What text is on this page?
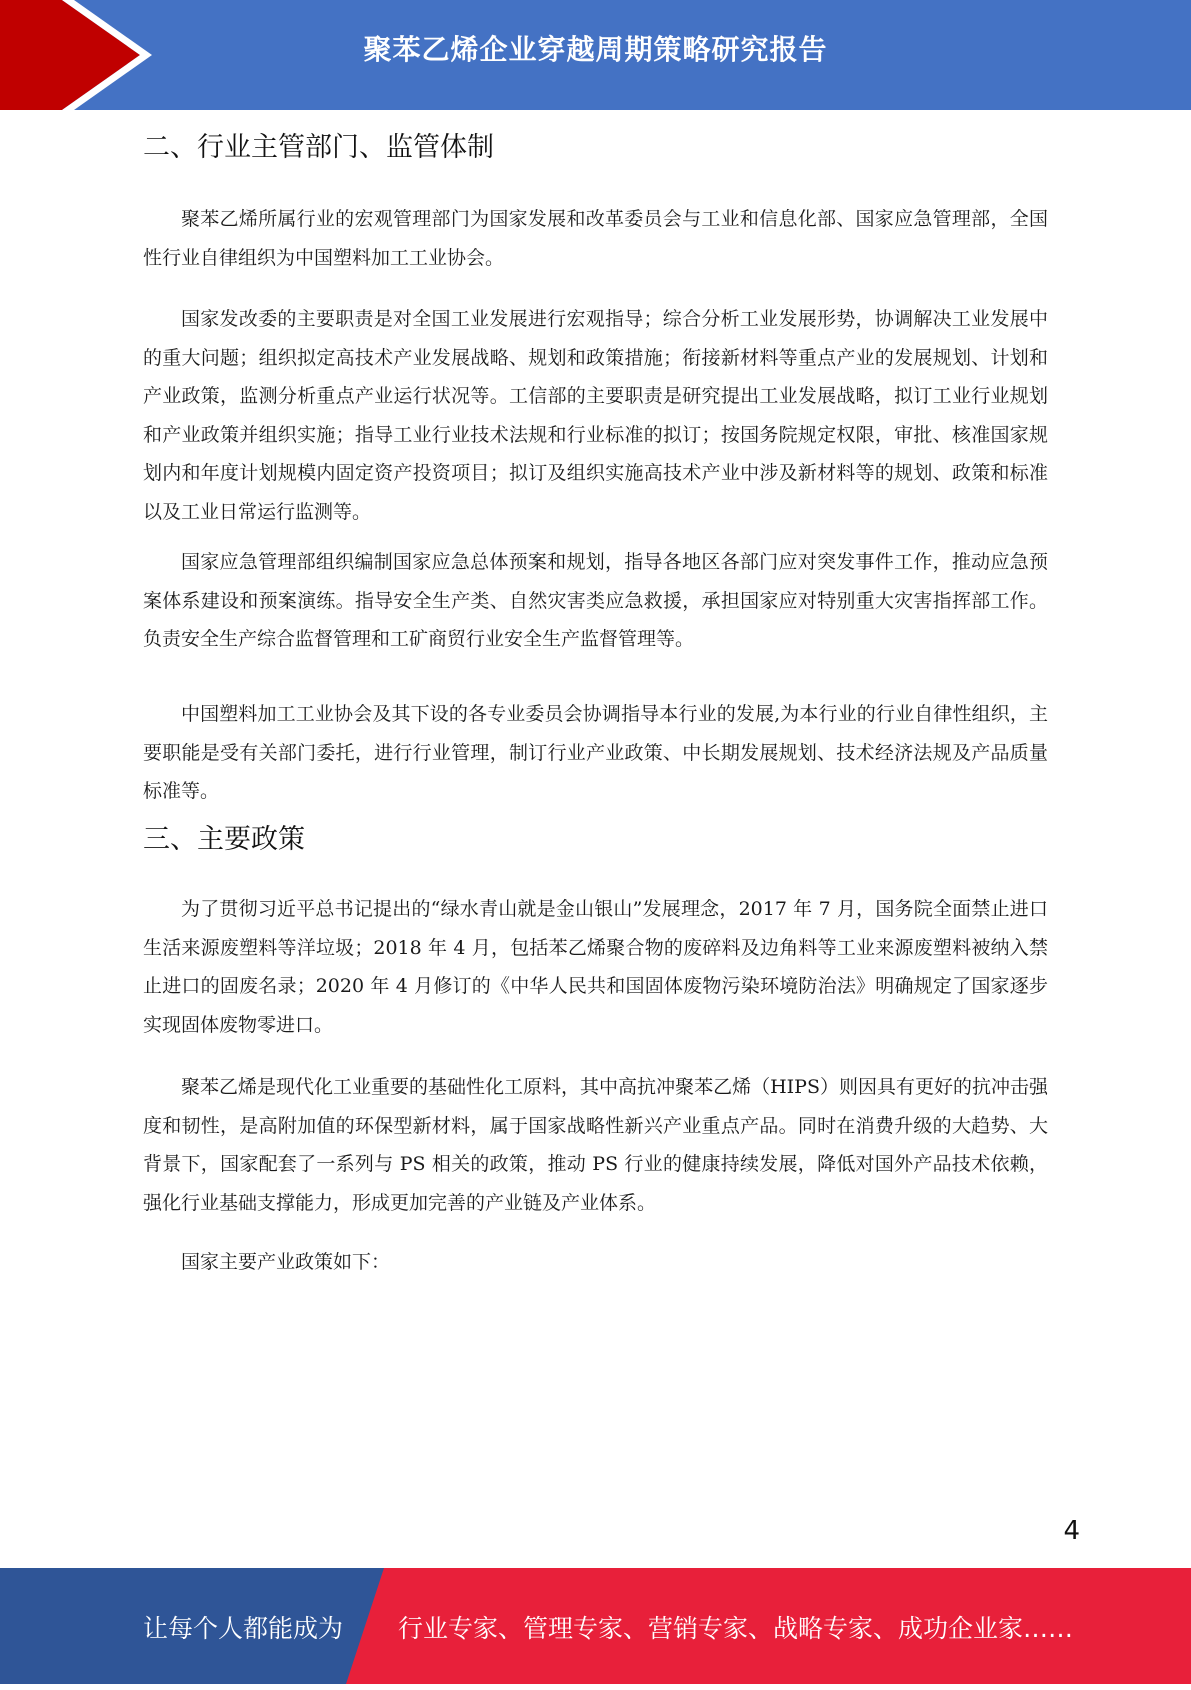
聚苯乙烯企业穿越周期策略研究报告
二、行业主管部门、监管体制

聚苯乙烯所属行业的宏观管理部门为国家发展和改革委员会与工业和信息化部、国家应急管理部，全国性行业自律组织为中国塑料加工工业协会。

国家发改委的主要职责是对全国工业发展进行宏观指导；综合分析工业发展形势，协调解决工业发展中的重大问题；组织拟定高技术产业发展战略、规划和政策措施；衔接新材料等重点产业的发展规划、计划和产业政策，监测分析重点产业运行状况等。工信部的主要职责是研究提出工业发展战略，拟订工业行业规划和产业政策并组织实施；指导工业行业技术法规和行业标准的拟订；按国务院规定权限，审批、核准国家规划内和年度计划规模内固定资产投资项目；拟订及组织实施高技术产业中涉及新材料等的规划、政策和标准以及工业日常运行监测等。

国家应急管理部组织编制国家应急总体预案和规划，指导各地区各部门应对突发事件工作，推动应急预案体系建设和预案演练。指导安全生产类、自然灾害类应急救援，承担国家应对特别重大灾害指挥部工作。负责安全生产综合监督管理和工矿商贸行业安全生产监督管理等。

中国塑料加工工业协会及其下设的各专业委员会协调指导本行业的发展,为本行业的行业自律性组织，主要职能是受有关部门委托，进行行业管理，制订行业产业政策、中长期发展规划、技术经济法规及产品质量标准等。

三、主要政策

为了贯彻习近平总书记提出的“绿水青山就是金山银山”发展理念，2017 年 7 月，国务院全面禁止进口生活来源废塑料等洋垃圾；2018 年 4 月，包括苯乙烯聚合物的废碎料及边角料等工业来源废塑料被纳入禁止进口的固废名录；2020 年 4 月修订的《中华人民共和国固体废物污染环境防治法》明确规定了国家逐步实现固体废物零进口。

聚苯乙烯是现代化工业重要的基础性化工原料，其中高抗冲聚苯乙烯（HIPS）则因具有更好的抗冲击强度和韧性，是高附加值的环保型新材料，属于国家战略性新兴产业重点产品。同时在消费升级的大趋势、大背景下，国家配套了一系列与 PS 相关的政策，推动 PS 行业的健康持续发展，降低对国外产品技术依赖，强化行业基础支撑能力，形成更加完善的产业链及产业体系。

国家主要产业政策如下：

4
让每个人都能成为 行业专家、管理专家、营销专家、战略专家、成功企业家……
